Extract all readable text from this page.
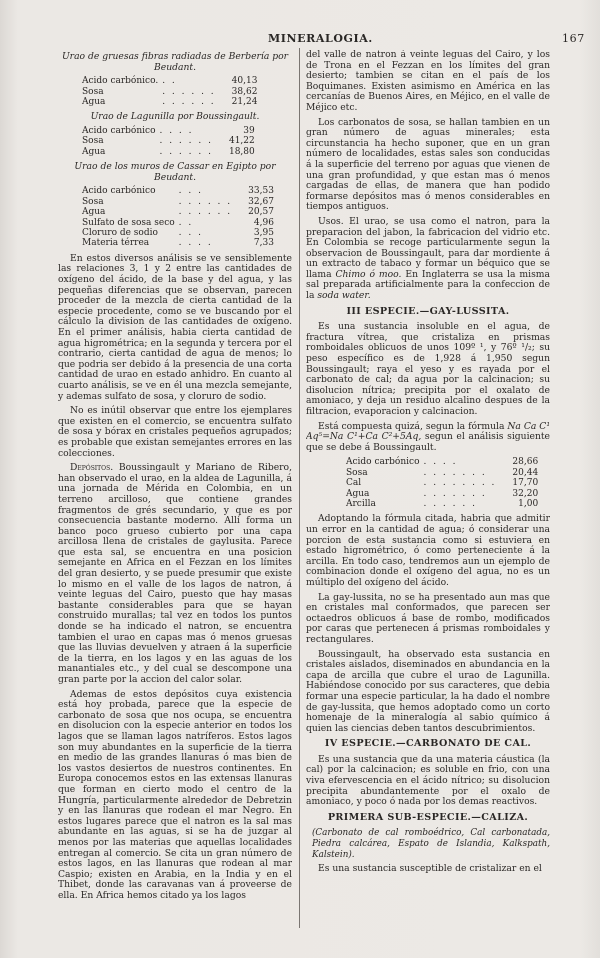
MINERALOGIA.	167

Urao de gruesas fibras radiadas de Berbería por Beudant.

Acido carbónico.	. .	40,13
Sosa	. . . . . .	38,62
Agua	. . . . . .	21,24

Urao de Lagunilla por Boussingault.

Acido carbónico	. . . .	39
Sosa	. . . . . .	41,22
Agua	. . . . . .	18,80

Urao de los muros de Cassar en Egipto por Beudant.

Acido carbónico	. . .	33,53
Sosa	. . . . . .	32,67
Agua	. . . . . .	20,57
Sulfato de sosa seco	. .	4,96
Cloruro de sodio	. . .	3,95
Materia térrea	. . . .	7,33

En estos diversos análisis se ve sensiblemente las relaciones 3, 1 y 2 entre las cantidades de oxígeno del ácido, de la base y del agua, y las pequeñas diferencias que se observan, parecen proceder de la mezcla de cierta cantidad de la especie procedente, como se ve buscando por el cálculo la division de las cantidades de oxígeno. En el primer análisis, habia cierta cantidad de agua higrométrica; en la segunda y tercera por el contrario, cierta cantidad de agua de menos; lo que podria ser debido á la presencia de una corta cantidad de urao en estado anhidro. En cuanto al cuarto análisis, se ve en él una mezcla semejante, y ademas sulfato de sosa, y cloruro de sodio.

No es inútil observar que entre los ejemplares que existen en el comercio, se encuentra sulfato de sosa y bórax en cristales pequeños agrupados; es probable que existan semejantes errores en las colecciones.

Depósitos. Boussingault y Mariano de Ribero, han observado el urao, en la aldea de Lagunilla, á una jornada de Mérida en Colombia, en un terreno arcilloso, que contiene grandes fragmentos de grés secundario, y que es por consecuencia bastante moderno. Allí forma un banco poco grueso cubierto por una capa arcillosa llena de cristales de gaylusita. Parece que esta sal, se encuentra en una posicion semejante en Africa en el Fezzan en los límites del gran desierto, y se puede presumir que existe lo mismo en el valle de los lagos de natron, á veinte leguas del Cairo, puesto que hay masas bastante considerables para que se hayan construido murallas; tal vez en todos los puntos donde se ha indicado el natron, se encuentra tambien el urao en capas mas ó menos gruesas que las lluvias devuelven y atraen á la superficie de la tierra, en los lagos y en las aguas de los manantiales etc., y del cual se descompone una gran parte por la accion del calor solar.

Ademas de estos depósitos cuya existencia está hoy probada, parece que la especie de carbonato de sosa que nos ocupa, se encuentra en disolucion con la especie anterior en todos los lagos que se llaman lagos natríferos. Estos lagos son muy abundantes en la superficie de la tierra en medio de las grandes llanuras ó mas bien de los vastos desiertos de nuestros continentes. En Europa conocemos estos en las extensas llanuras que forman en cierto modo el centro de la Hungría, particularmente alrededor de Debretzin y en las llanuras que rodean el mar Negro. En estos lugares parece que el natron es la sal mas abundante en las aguas, si se ha de juzgar al menos por las materias que aquellas localidades entregan al comercio. Se cita un gran número de estos lagos, en las llanuras que rodean al mar Caspio; existen en Arabia, en la India y en el Thibet, donde las caravanas van á proveerse de ella. En Africa hemos citado ya los lagos

del valle de natron á veinte leguas del Cairo, y los de Trona en el Fezzan en los límites del gran desierto; tambien se citan en el país de los Boquimanes. Existen asimismo en América en las cercanías de Buenos Aires, en Méjico, en el valle de Méjico etc.

Los carbonatos de sosa, se hallan tambien en un gran número de aguas minerales; esta circunstancia ha hecho suponer, que en un gran número de localidades, estas sales son conducidas á la superficie del terreno por aguas que vienen de una gran profundidad, y que estan mas ó menos cargadas de ellas, de manera que han podido formarse depósitos mas ó menos considerables en tiempos antiguos.

Usos. El urao, se usa como el natron, para la preparacion del jabon, la fabricacion del vidrio etc. En Colombia se recoge particularmente segun la observacion de Boussingault, para dar mordiente á un extracto de tabaco y formar un béquico que se llama Chimo ó moo. En Inglaterra se usa la misma sal preparada artificialmente para la confeccion de la soda water.

III ESPECIE.—GAY-LUSSITA.

Es una sustancia insoluble en el agua, de fractura vítrea, que cristaliza en prismas romboidales oblicuos de unos 109º ¹, y 76º ¹/₂; su peso específico es de 1,928 á 1,950 segun Boussingault; raya el yeso y es rayada por el carbonato de cal; da agua por la calcinacion; su disolucion nítrica; precipita por el oxalato de amoniaco, y deja un residuo alcalino despues de la filtracion, evaporacion y calcinacion.

Está compuesta quizá, segun la fórmula Na Ca C¹ Aq⁵=Na C¹+Ca C²+5Aq, segun el análisis siguiente que se debe á Boussingault.

Acido carbónico	. . . .	28,66
Sosa	. . . . . . .	20,44
Cal	. . . . . . . .	17,70
Agua	. . . . . . .	32,20
Arcilla	. . . . . .	1,00

Adoptando la fórmula citada, habria que admitir un error en la cantidad de agua; ó considerar una porcion de esta sustancia como si estuviera en estado higrométrico, ó como perteneciente á la arcilla. En todo caso, tendremos aun un ejemplo de combinacion donde el oxígeno del agua, no es un múltiplo del oxígeno del ácido.

La gay-lussita, no se ha presentado aun mas que en cristales mal conformados, que parecen ser octaedros oblicuos á base de rombo, modificados por caras que pertenecen á prismas romboidales y rectangulares.

Boussingault, ha observado esta sustancia en cristales aislados, diseminados en abundancia en la capa de arcilla que cubre el urao de Lagunilla. Habiéndose conocido por sus caracteres, que debia formar una especie particular, la ha dado el nombre de gay-lussita, que hemos adoptado como un corto homenaje de la mineralogía al sabio químico á quien las ciencias deben tantos descubrimientos.

IV ESPECIE.—CARBONATO DE CAL.

Es una sustancia que da una materia cáustica (la cal) por la calcinacion; es soluble en frio, con una viva efervescencia en el ácido nítrico; su disolucion precipita abundantemente por el oxalo de amoniaco, y poco ó nada por los demas reactivos.

PRIMERA SUB-ESPECIE.—CALIZA.

(Carbonato de cal romboédrico, Cal carbonatada, Piedra calcárea, Espato de Islandia, Kalkspath, Kalstein).

Es una sustancia susceptible de cristalizar en el
